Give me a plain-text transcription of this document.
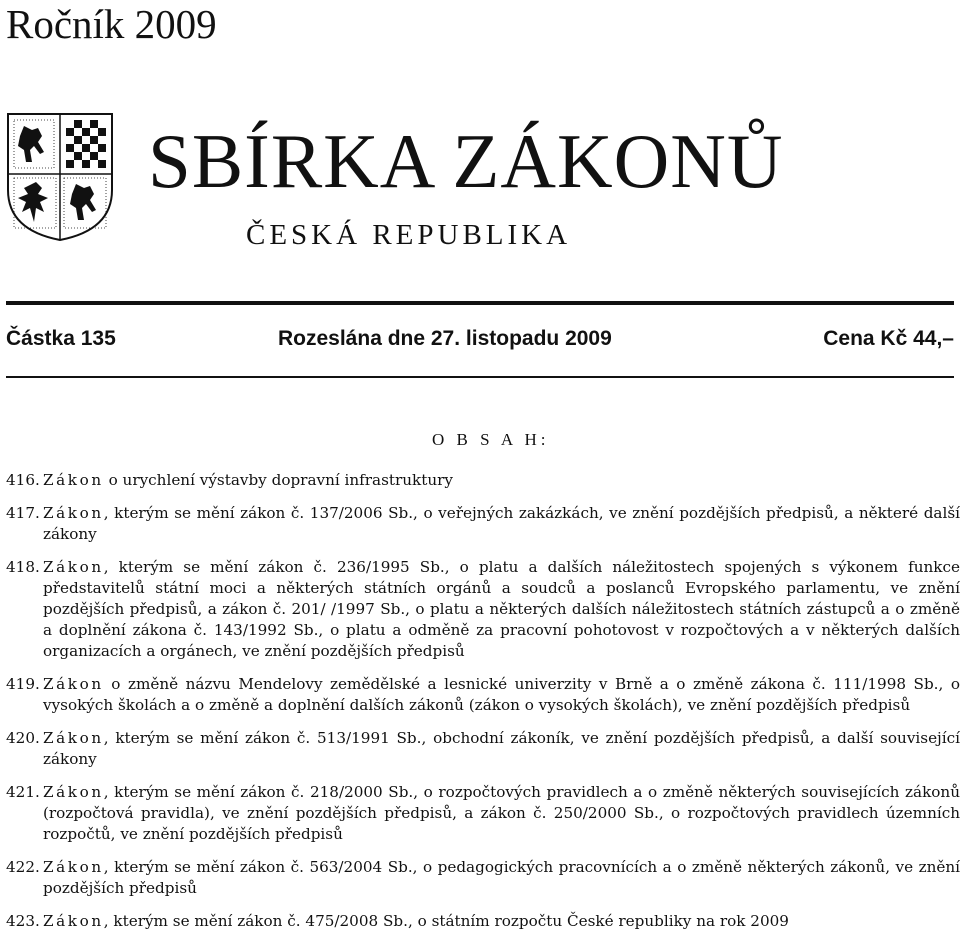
Ročník 2009
SBÍRKA ZÁKONŮ
ČESKÁ REPUBLIKA
Částka 135	Rozeslána dne 27. listopadu 2009	Cena Kč 44,–
O B S A H:
416. Zákon o urychlení výstavby dopravní infrastruktury
417. Zákon, kterým se mění zákon č. 137/2006 Sb., o veřejných zakázkách, ve znění pozdějších předpisů, a některé další zákony
418. Zákon, kterým se mění zákon č. 236/1995 Sb., o platu a dalších náležitostech spojených s výkonem funkce představitelů státní moci a některých státních orgánů a soudců a poslanců Evropského parlamentu, ve znění pozdějších předpisů, a zákon č. 201/ /1997 Sb., o platu a některých dalších náležitostech státních zástupců a o změně a doplnění zákona č. 143/1992 Sb., o platu a odměně za pracovní pohotovost v rozpočtových a v některých dalších organizacích a orgánech, ve znění pozdějších předpisů
419. Zákon o změně názvu Mendelovy zemědělské a lesnické univerzity v Brně a o změně zákona č. 111/1998 Sb., o vysokých školách a o změně a doplnění dalších zákonů (zákon o vysokých školách), ve znění pozdějších předpisů
420. Zákon, kterým se mění zákon č. 513/1991 Sb., obchodní zákoník, ve znění pozdějších předpisů, a další související zákony
421. Zákon, kterým se mění zákon č. 218/2000 Sb., o rozpočtových pravidlech a o změně některých souvisejících zákonů (rozpočtová pravidla), ve znění pozdějších předpisů, a zákon č. 250/2000 Sb., o rozpočtových pravidlech územních rozpočtů, ve znění pozdějších předpisů
422. Zákon, kterým se mění zákon č. 563/2004 Sb., o pedagogických pracovnících a o změně některých zákonů, ve znění pozdějších předpisů
423. Zákon, kterým se mění zákon č. 475/2008 Sb., o státním rozpočtu České republiky na rok 2009
